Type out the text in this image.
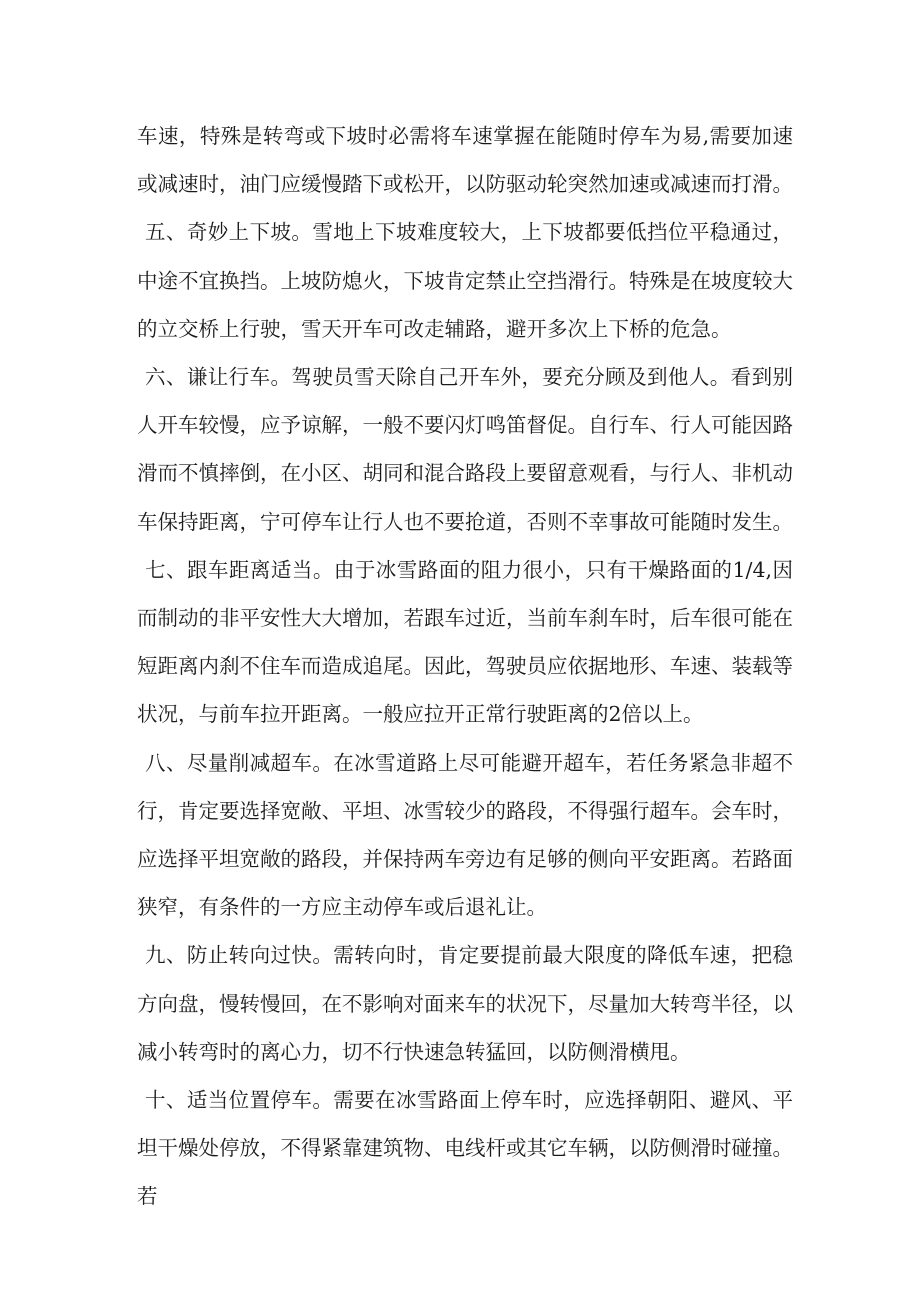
车速，特殊是转弯或下坡时必需将车速掌握在能随时停车为易,需要加速或减速时，油门应缓慢踏下或松开，以防驱动轮突然加速或减速而打滑。

五、奇妙上下坡。雪地上下坡难度较大，上下坡都要低挡位平稳通过，中途不宜换挡。上坡防熄火，下坡肯定禁止空挡滑行。特殊是在坡度较大的立交桥上行驶，雪天开车可改走辅路，避开多次上下桥的危急。

六、谦让行车。驾驶员雪天除自己开车外，要充分顾及到他人。看到别人开车较慢，应予谅解，一般不要闪灯鸣笛督促。自行车、行人可能因路滑而不慎摔倒，在小区、胡同和混合路段上要留意观看，与行人、非机动车保持距离，宁可停车让行人也不要抢道，否则不幸事故可能随时发生。

七、跟车距离适当。由于冰雪路面的阻力很小，只有干燥路面的1/4,因而制动的非平安性大大增加，若跟车过近，当前车刹车时，后车很可能在短距离内刹不住车而造成追尾。因此，驾驶员应依据地形、车速、装载等状况，与前车拉开距离。一般应拉开正常行驶距离的2倍以上。

八、尽量削减超车。在冰雪道路上尽可能避开超车，若任务紧急非超不行，肯定要选择宽敞、平坦、冰雪较少的路段，不得强行超车。会车时，应选择平坦宽敞的路段，并保持两车旁边有足够的侧向平安距离。若路面狭窄，有条件的一方应主动停车或后退礼让。

九、防止转向过快。需转向时，肯定要提前最大限度的降低车速，把稳方向盘，慢转慢回，在不影响对面来车的状况下，尽量加大转弯半径，以减小转弯时的离心力，切不行快速急转猛回，以防侧滑横甩。

十、适当位置停车。需要在冰雪路面上停车时，应选择朝阳、避风、平坦干燥处停放，不得紧靠建筑物、电线杆或其它车辆，以防侧滑时碰撞。若
